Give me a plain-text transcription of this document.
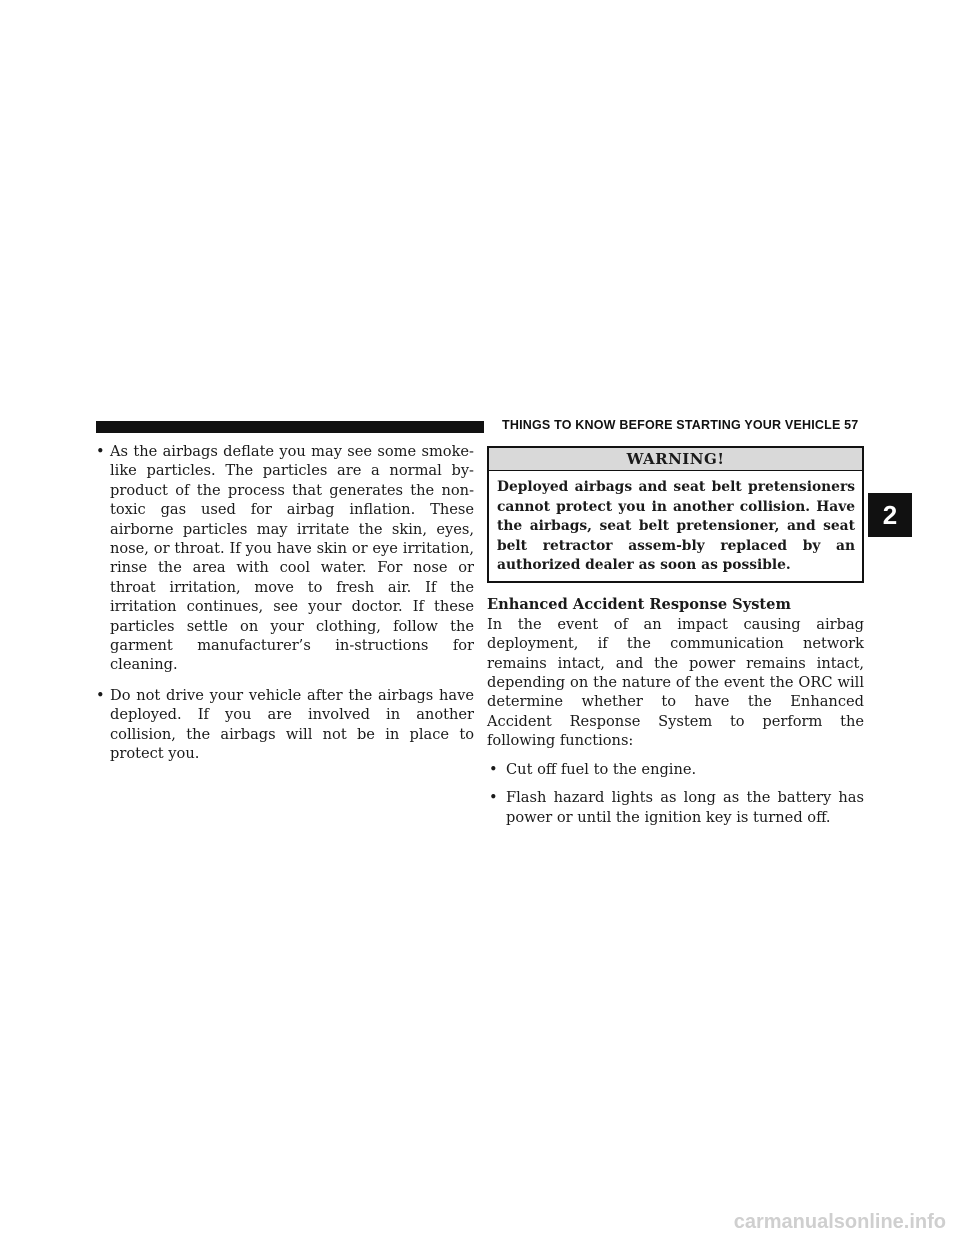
THINGS TO KNOW BEFORE STARTING YOUR VEHICLE 57
2
• As the airbags deflate you may see some smoke-like particles. The particles are a normal by-product of the process that generates the non-toxic gas used for airbag inflation. These airborne particles may irritate the skin, eyes, nose, or throat. If you have skin or eye irritation, rinse the area with cool water. For nose or throat irritation, move to fresh air. If the irritation continues, see your doctor. If these particles settle on your clothing, follow the garment manufacturer’s in-structions for cleaning.
• Do not drive your vehicle after the airbags have deployed. If you are involved in another collision, the airbags will not be in place to protect you.
WARNING!
Deployed airbags and seat belt pretensioners cannot protect you in another collision. Have the airbags, seat belt pretensioner, and seat belt retractor assem-bly replaced by an authorized dealer as soon as possible.

Enhanced Accident Response System

In the event of an impact causing airbag deployment, if the communication network remains intact, and the power remains intact, depending on the nature of the event the ORC will determine whether to have the Enhanced Accident Response System to perform the following functions:

• Cut off fuel to the engine.
• Flash hazard lights as long as the battery has power or until the ignition key is turned off.
carmanualsonline.info
